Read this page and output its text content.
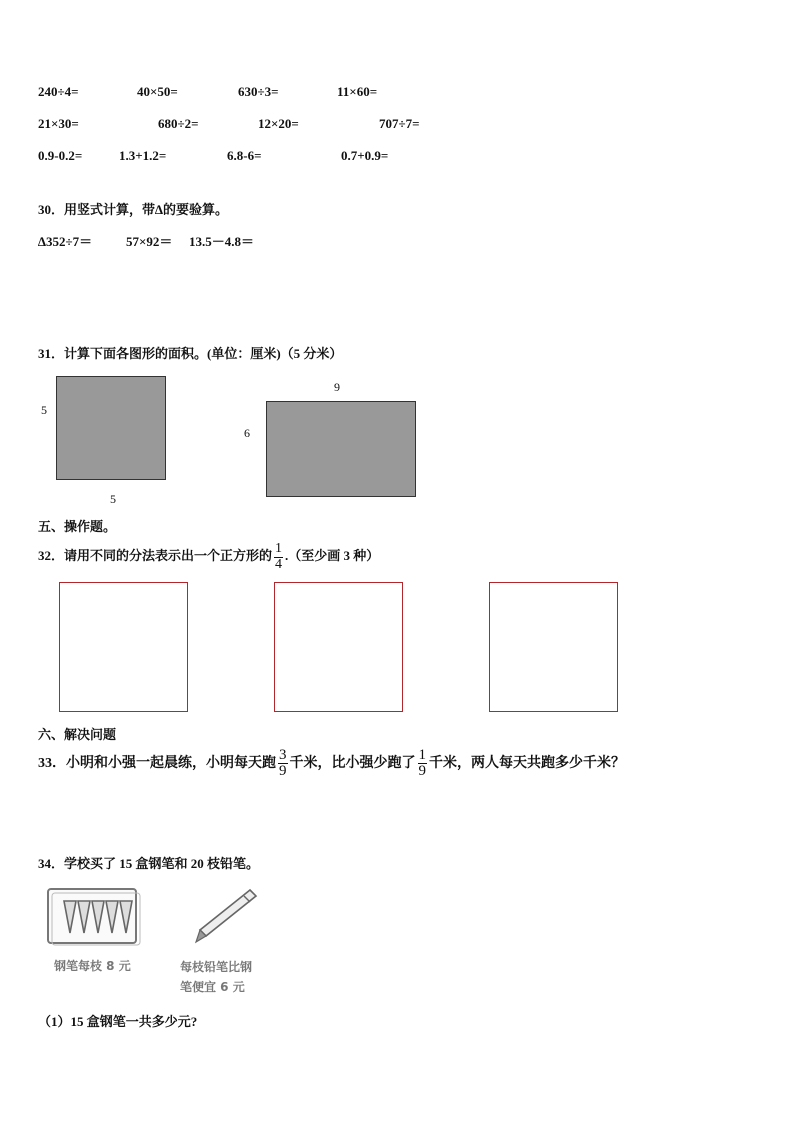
240÷4=	40×50=	630÷3=	11×60=
21×30=	680÷2=	12×20=	707÷7=
0.9-0.2=	1.3+1.2=	6.8-6=	0.7+0.9=
30．用竖式计算，带∆的要验算。
∆352÷7＝	57×92＝ 13.5－4.8＝
31．计算下面各图形的面积。(单位：厘米)（5 分米）
5
5
9
6
五、操作题。
32．请用不同的分法表示出一个正方形的 $\frac{1}{4}$ .（至少画 3 种）
六、解决问题
33．小明和小强一起晨练，小明每天跑 $\frac{3}{9}$ 千米，比小强少跑了 $\frac{1}{9}$ 千米，两人每天共跑多少千米？
34．学校买了 15 盒钢笔和 20 枝铅笔。
钢笔每枝 8 元	每枝铅笔比钢
笔便宜 6 元
（1）15 盒钢笔一共多少元?
